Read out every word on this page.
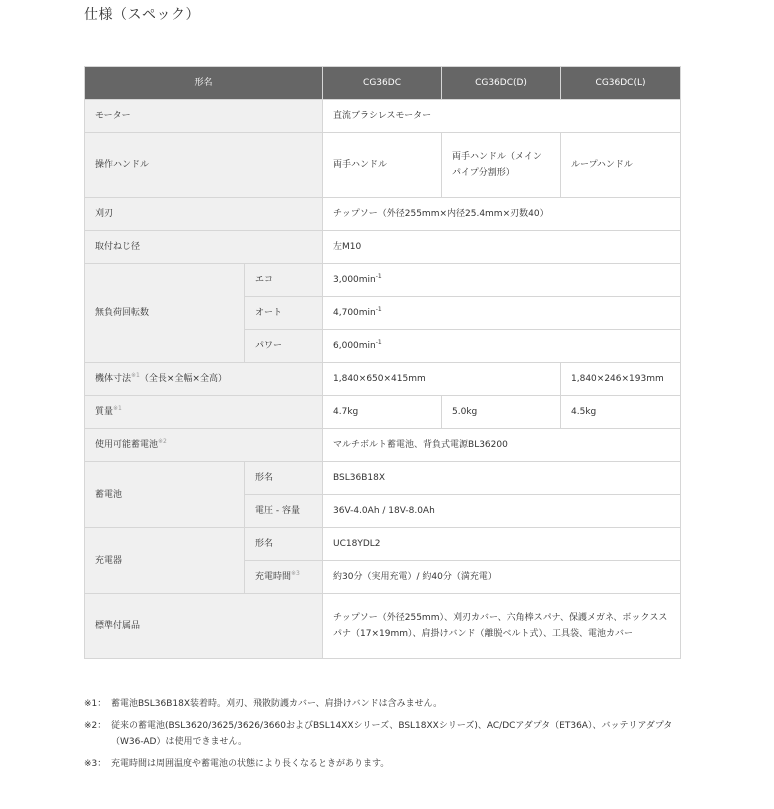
仕様（スペック）
形名		CG36DC	CG36DC(D)	CG36DC(L)
モーター		直流ブラシレスモーター		
操作ハンドル		両手ハンドル	両手ハンドル（メインパイプ分割形）	ループハンドル
刈刃		チップソー（外径255mm×内径25.4mm×刃数40）		
取付ねじ径		左M10		
無負荷回転数	エコ	$3,000\min^{-1}$
	オート	$4,700\min^{-1}$
	パワー	$6,000\min^{-1}$
機体寸法$^{※1}$（全長×全幅×全高）		1,840×650×415mm		1,840×246×193mm
質量$^{※1}$		4.7kg	5.0kg	4.5kg
使用可能蓄電池$^{※2}$		マルチボルト蓄電池、背負式電源BL36200		
蓄電池	形名	BSL36B18X		
	電圧 - 容量	36V-4.0Ah / 18V-8.0Ah		
充電器	形名	UC18YDL2		
	充電時間$^{※3}$	約30分（実用充電）/ 約40分（満充電）		
標準付属品		チップソー（外径255mm）、刈刃カバー、六角棒スパナ、保護メガネ、ボックススパナ（17×19mm）、肩掛けバンド（離脱ベルト式）、工具袋、電池カバー		
※1： 蓄電池BSL36B18X装着時。刈刃、飛散防護カバー、肩掛けバンドは含みません。
※2： 従来の蓄電池(BSL3620/3625/3626/3660およびBSL14XXシリーズ、BSL18XXシリーズ)、AC/DCアダプタ（ET36A）、バッテリアダプタ（W36-AD）は使用できません。
※3： 充電時間は周囲温度や蓄電池の状態により長くなるときがあります。
